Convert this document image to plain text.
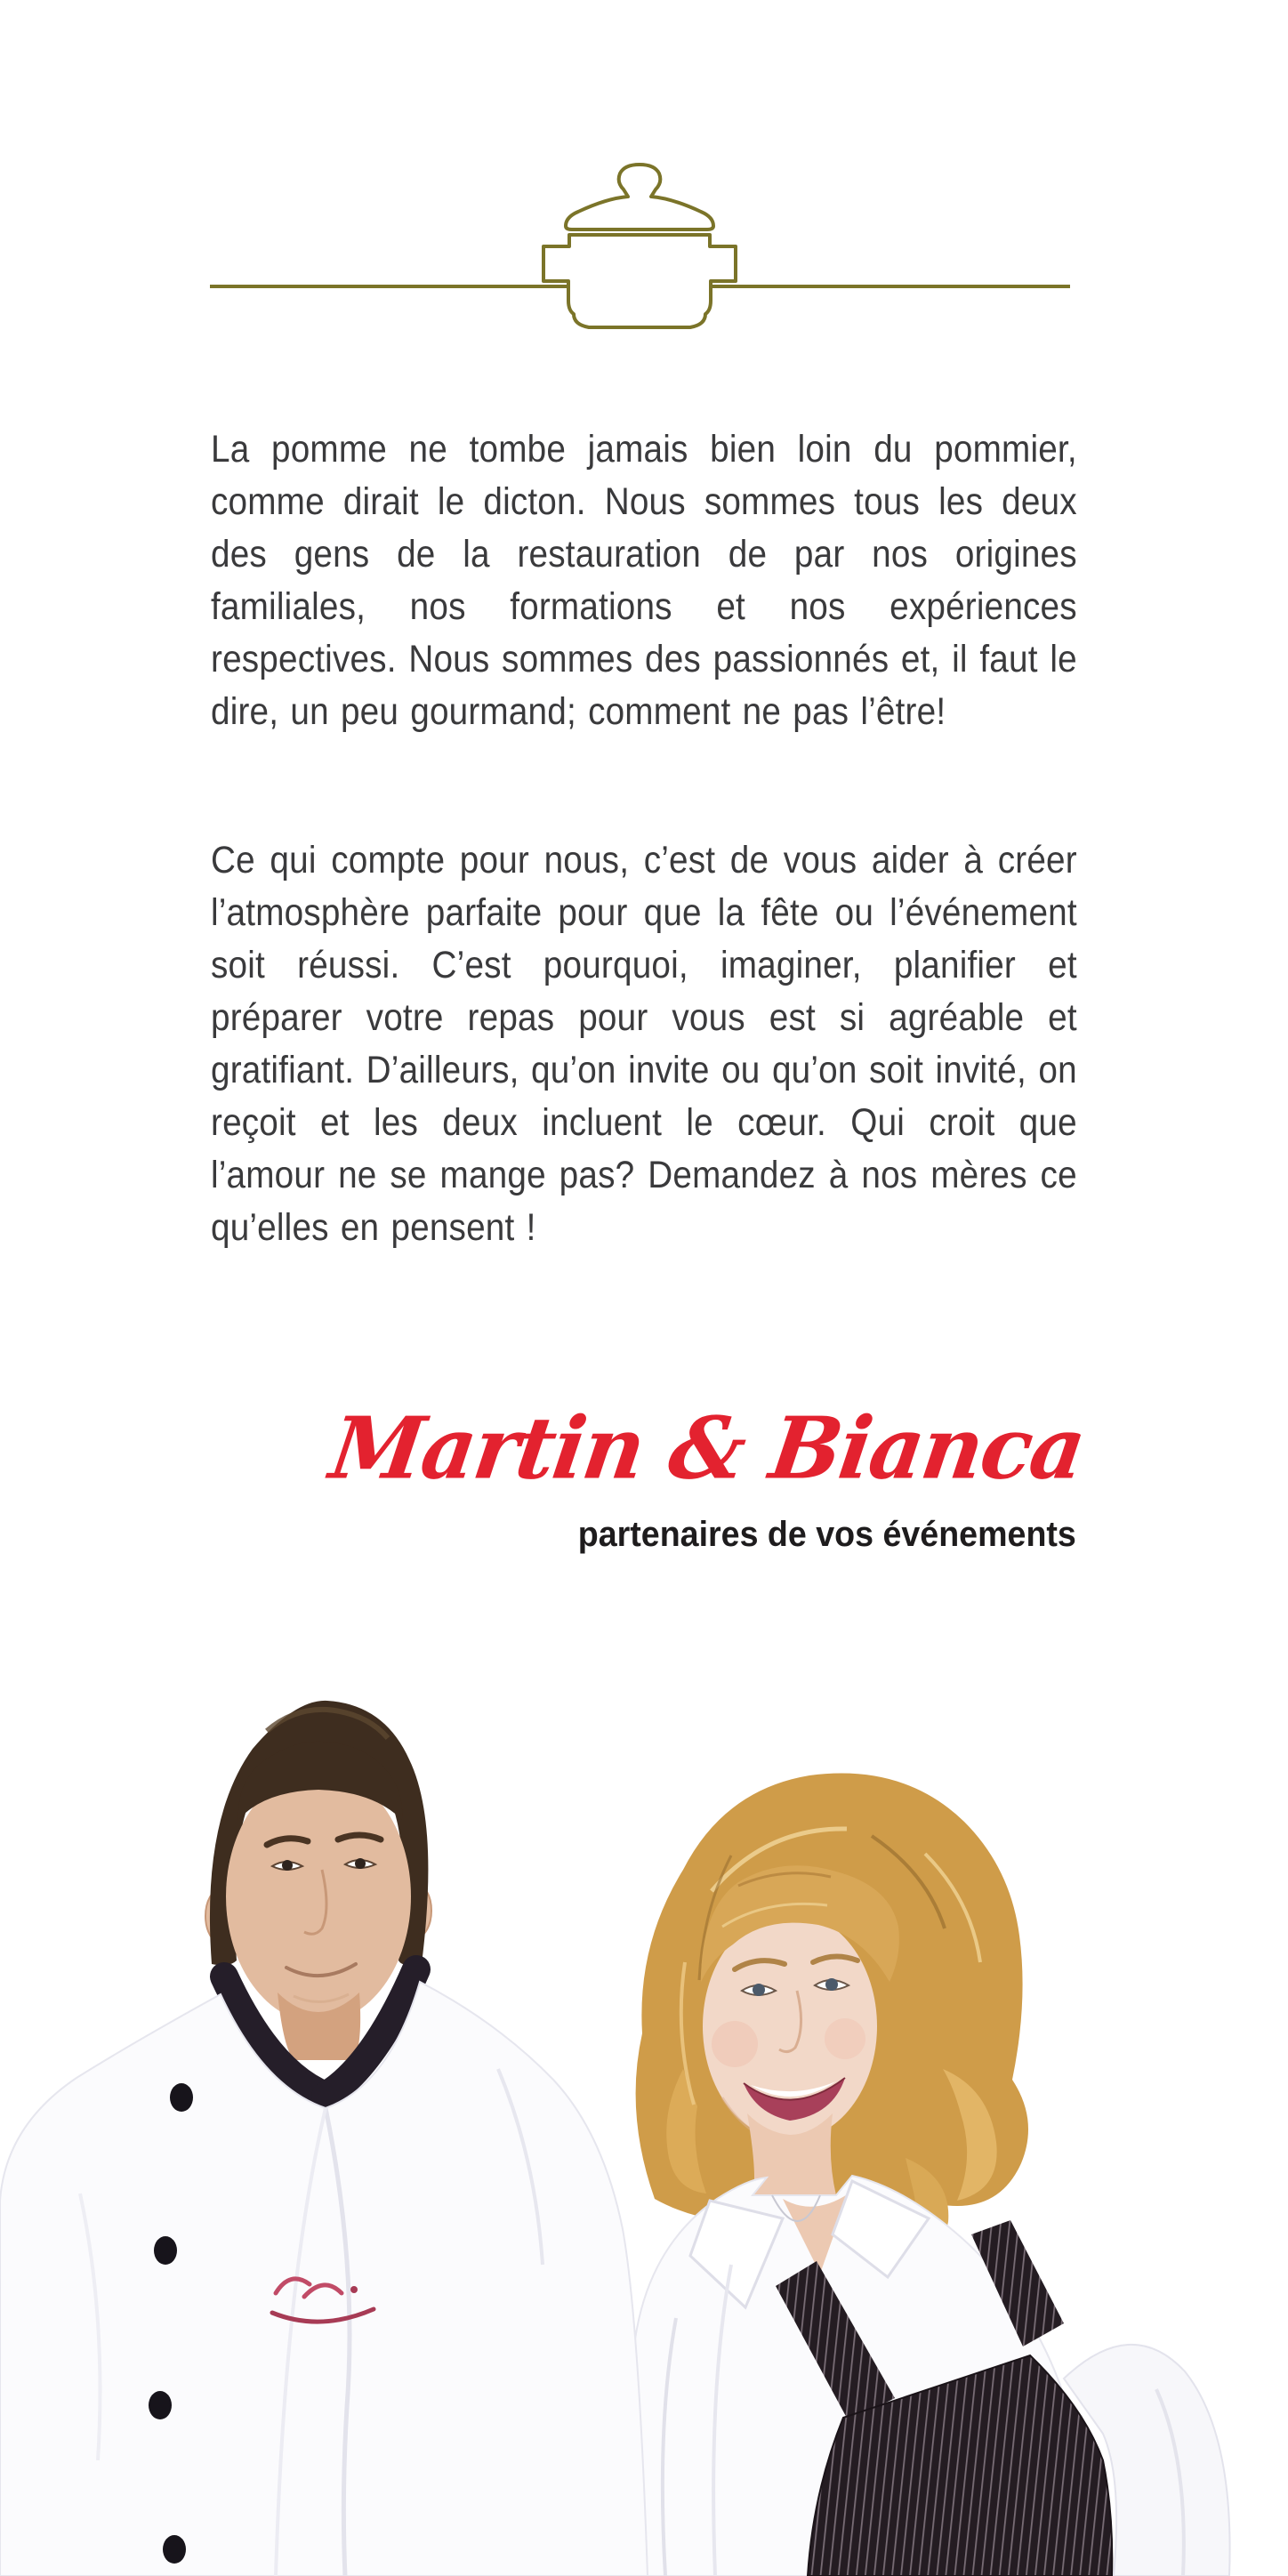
La pomme ne tombe jamais bien loin du pommier, comme dirait le dicton. Nous sommes tous les deux des gens de la restauration de par nos origines familiales, nos formations et nos expériences respectives. Nous sommes des passionnés et, il faut le dire, un peu gourmand; comment ne pas l’être!

Ce qui compte pour nous, c’est de vous aider à créer l’atmosphère parfaite pour que la fête ou l’événement soit réussi. C’est pourquoi, imaginer, planifier et préparer votre repas pour vous est si agréable et gratifiant. D’ailleurs, qu’on invite ou qu’on soit invité, on reçoit et les deux incluent le cœur. Qui croit que l’amour ne se mange pas? Demandez à nos mères ce qu’elles en pensent !

Martin & Bianca
partenaires de vos événements
